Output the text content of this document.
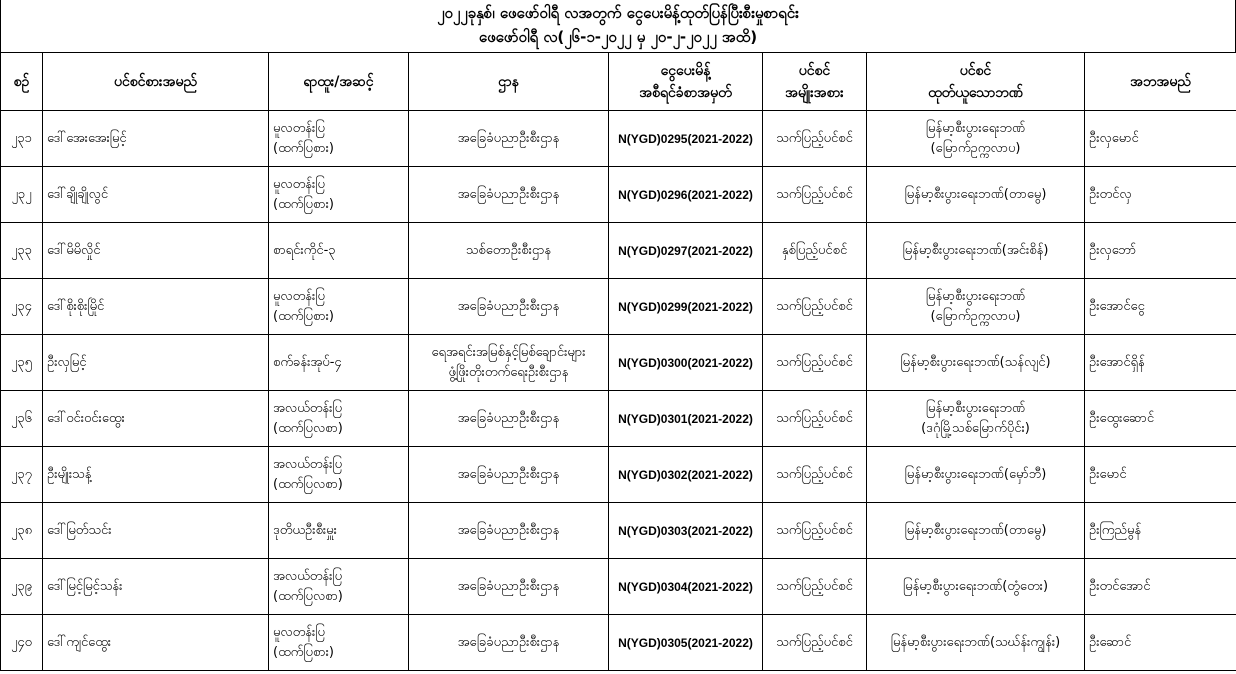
၂၀၂၂ခုနှစ်၊ ဖေဖော်ဝါရီ လအတွက် ငွေပေးမိန့်ထုတ်ပြန်ပြီးစီးမှုစာရင်း
ဖေဖော်ဝါရီ လ(၂၆-၁-၂၀၂၂ မှ ၂၀-၂-၂၀၂၂ အထိ)
စဉ်	ပင်စင်စားအမည်	ရာထူး/အဆင့်	ဌာန	ငွေပေးမိန့်
အစီရင်ခံစာအမှတ်	ပင်စင်
အမျိုးအစား	ပင်စင်
ထုတ်ယူသောဘဏ်	အဘအမည်

၂၃၁	ဒေါ်အေးအေးမြင့်	မူလတန်းပြ
(ထက်ပြစား)	အခြေခံပညာဦးစီးဌာန	N(YGD)0295(2021-2022)	သက်ပြည့်ပင်စင်	မြန်မာ့စီးပွားရေးဘဏ်
(မြောက်ဥက္ကလာပ)	ဦးလှမောင်

၂၃၂	ဒေါ်ချိုချိုလွင်	မူလတန်းပြ
(ထက်ပြစား)	အခြေခံပညာဦးစီးဌာန	N(YGD)0296(2021-2022)	သက်ပြည့်ပင်စင်	မြန်မာ့စီးပွားရေးဘဏ်(တာမွေ)	ဦးတင်လှ

၂၃၃	ဒေါ်မိမိလှိုင်	စာရင်းကိုင်-၃	သစ်တောဦးစီးဌာန	N(YGD)0297(2021-2022)	နှစ်ပြည့်ပင်စင်	မြန်မာ့စီးပွားရေးဘဏ်(အင်းစိန်)	ဦးလှဘော်

၂၃၄	ဒေါ်စိုးစိုးမြိုင်	မူလတန်းပြ
(ထက်ပြစား)	အခြေခံပညာဦးစီးဌာန	N(YGD)0299(2021-2022)	သက်ပြည့်ပင်စင်	မြန်မာ့စီးပွားရေးဘဏ်
(မြောက်ဥက္ကလာပ)	ဦးအောင်ငွေ

၂၃၅	ဦးလှမြင့်	စက်ခန်းအုပ်-၄	ရေအရင်းအမြစ်နှင့်မြစ်ချောင်းများ
ဖွံ့ဖြိုးတိုးတက်ရေးဦးစီးဌာန	N(YGD)0300(2021-2022)	သက်ပြည့်ပင်စင်	မြန်မာ့စီးပွားရေးဘဏ်(သန်လျင်)	ဦးအောင်ရှိန်

၂၃၆	ဒေါ်ဝင်းဝင်းထွေး	အလယ်တန်းပြ
(ထက်ပြလစာ)	အခြေခံပညာဦးစီးဌာန	N(YGD)0301(2021-2022)	သက်ပြည့်ပင်စင်	မြန်မာ့စီးပွားရေးဘဏ်
(ဒဂုံမြို့သစ်မြောက်ပိုင်း)	ဦးထွေးဆောင်

၂၃၇	ဦးမျိုးသန့်	အလယ်တန်းပြ
(ထက်ပြလစာ)	အခြေခံပညာဦးစီးဌာန	N(YGD)0302(2021-2022)	သက်ပြည့်ပင်စင်	မြန်မာ့စီးပွားရေးဘဏ်(မှော်ဘီ)	ဦးမောင်

၂၃၈	ဒေါ်မြတ်သင်း	ဒုတိယဦးစီးမှူး	အခြေခံပညာဦးစီးဌာန	N(YGD)0303(2021-2022)	သက်ပြည့်ပင်စင်	မြန်မာ့စီးပွားရေးဘဏ်(တာမွေ)	ဦးကြည်မွန်

၂၃၉	ဒေါ်မြင့်မြင့်သန်း	အလယ်တန်းပြ
(ထက်ပြလစာ)	အခြေခံပညာဦးစီးဌာန	N(YGD)0304(2021-2022)	သက်ပြည့်ပင်စင်	မြန်မာ့စီးပွားရေးဘဏ်(တွံတေး)	ဦးတင်အောင်

၂၄၀	ဒေါ်ကျင်ထွေး	မူလတန်းပြ
(ထက်ပြစား)	အခြေခံပညာဦးစီးဌာန	N(YGD)0305(2021-2022)	သက်ပြည့်ပင်စင်	မြန်မာ့စီးပွားရေးဘဏ်(သဃ်န်းကျွန်း)	ဦးဆောင်
